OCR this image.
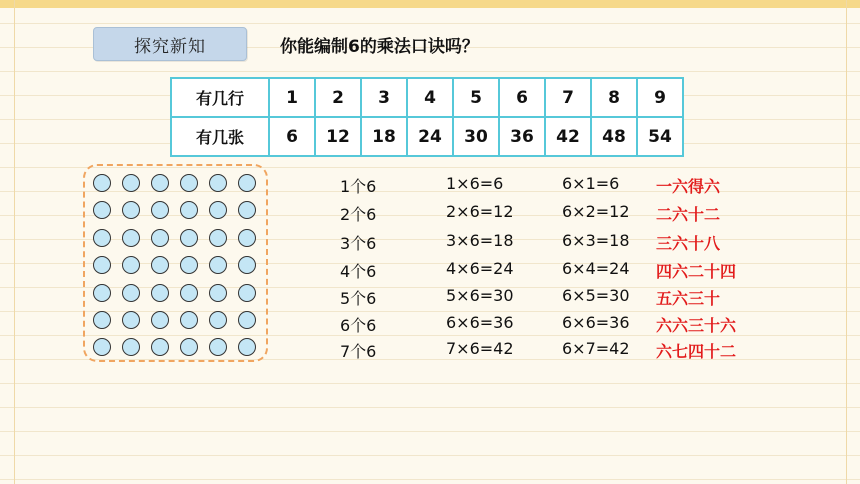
探究新知	你能编制6的乘法口诀吗？
有几行	1	2	3	4	5	6	7	8	9
有几张	6	12	18	24	30	36	42	48	54
1个6	1×6=6	6×1=6 一六得六
2个6	2×6=12	6×2=12 二六十二
3个6	3×6=18	6×3=18 三六十八
4个6	4×6=24	6×4=24 四六二十四
5个6	5×6=30	6×5=30 五六三十
6个6	6×6=36	6×6=36 六六三十六
7个6	7×6=42	6×7=42 六七四十二
